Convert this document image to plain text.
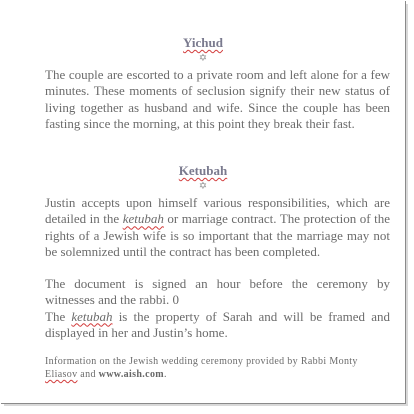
Yichud
✡

The couple are escorted to a private room and left alone for a few minutes. These moments of seclusion signify their new status of living together as husband and wife. Since the couple has been fasting since the morning, at this point they break their fast.

Ketubah
✡

Justin accepts upon himself various responsibilities, which are detailed in the ketubah or marriage contract. The protection of the rights of a Jewish wife is so important that the marriage may not be solemnized until the contract has been completed.

The document is signed an hour before the ceremony by witnesses and the rabbi. 0
The ketubah is the property of Sarah and will be framed and displayed in her and Justin’s home.

Information on the Jewish wedding ceremony provided by Rabbi Monty Eliasov and www.aish.com.
